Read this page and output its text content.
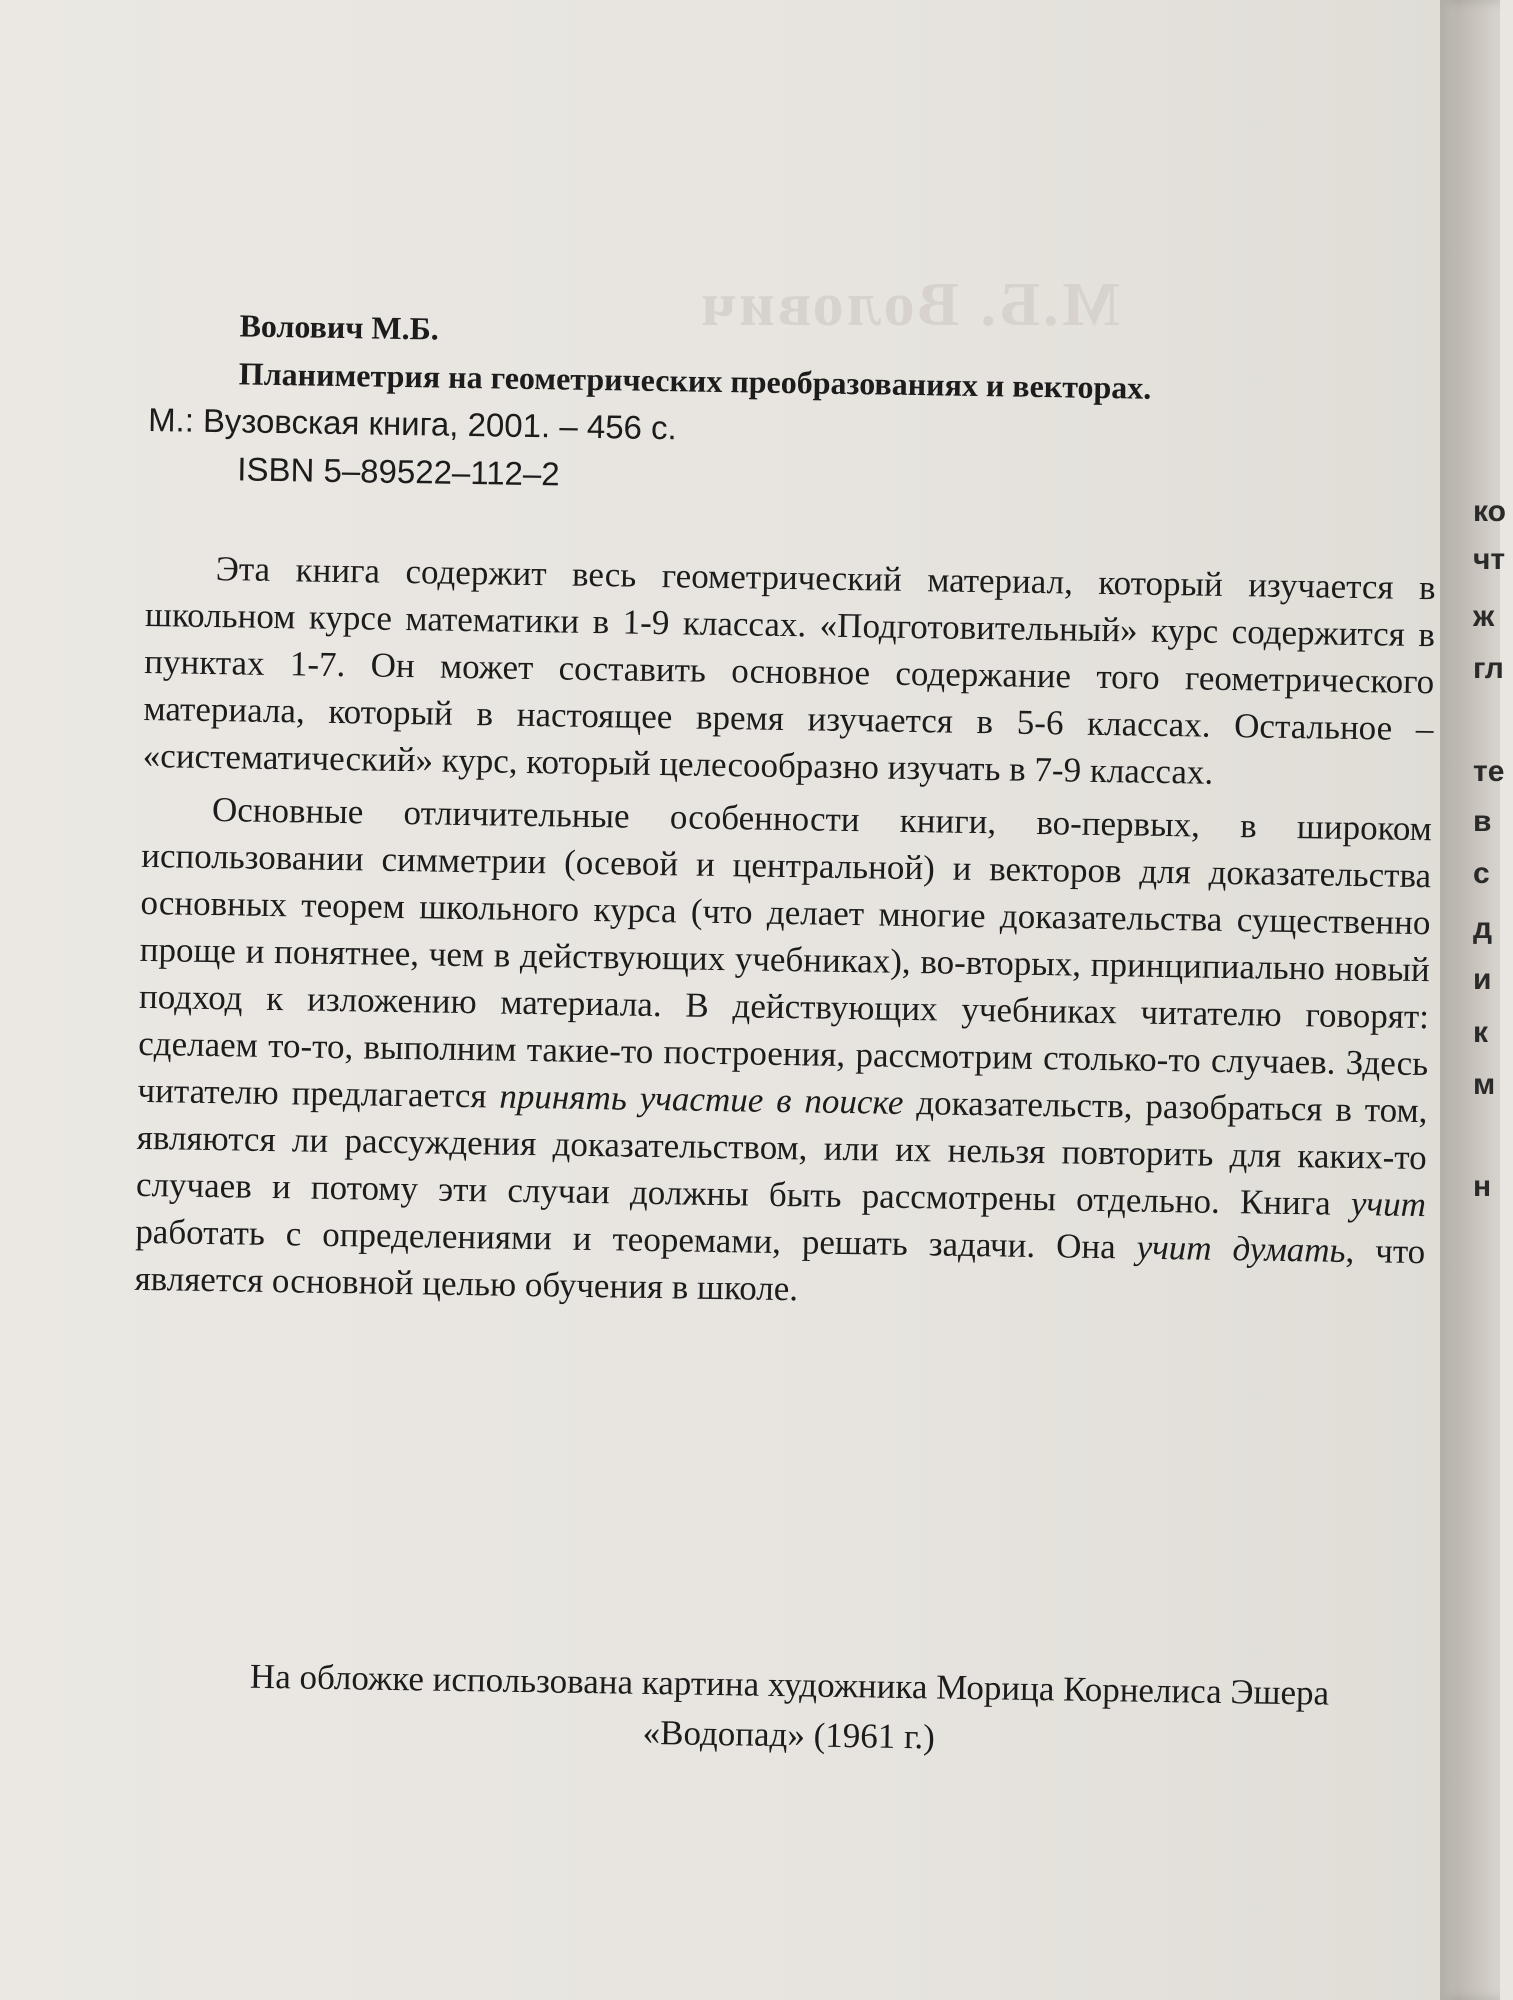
М.Б. Волович
Волович М.Б.
Планиметрия на геометрических преобразованиях и векторах.
М.: Вузовская книга, 2001. – 456 с.
ISBN 5–89522–112–2

Эта книга содержит весь геометрический материал, который изучается в школьном курсе математики в 1-9 классах. «Подготовительный» курс содержится в пунктах 1-7. Он может составить основное содержание того геометрического материала, который в настоящее время изучается в 5-6 классах. Остальное – «систематический» курс, который целесообразно изучать в 7-9 классах.

Основные отличительные особенности книги, во-первых, в широком использовании симметрии (осевой и центральной) и векторов для доказательства основных теорем школьного курса (что делает многие доказательства существенно проще и понятнее, чем в действующих учебниках), во-вторых, принципиально новый подход к изложению материала. В действующих учебниках читателю говорят: сделаем то-то, выполним такие-то построения, рассмотрим столько-то случаев. Здесь читателю предлагается принять участие в поиске доказательств, разобраться в том, являются ли рассуждения доказательством, или их нельзя повторить для каких-то случаев и потому эти случаи должны быть рассмотрены отдельно. Книга учит работать с определениями и теоремами, решать задачи. Она учит думать, что является основной целью обучения в школе.

На обложке использована картина художника Морица Корнелиса Эшера
«Водопад» (1961 г.)
ко
чт
ж
гл
те
в
с
д
и
к
м
н
